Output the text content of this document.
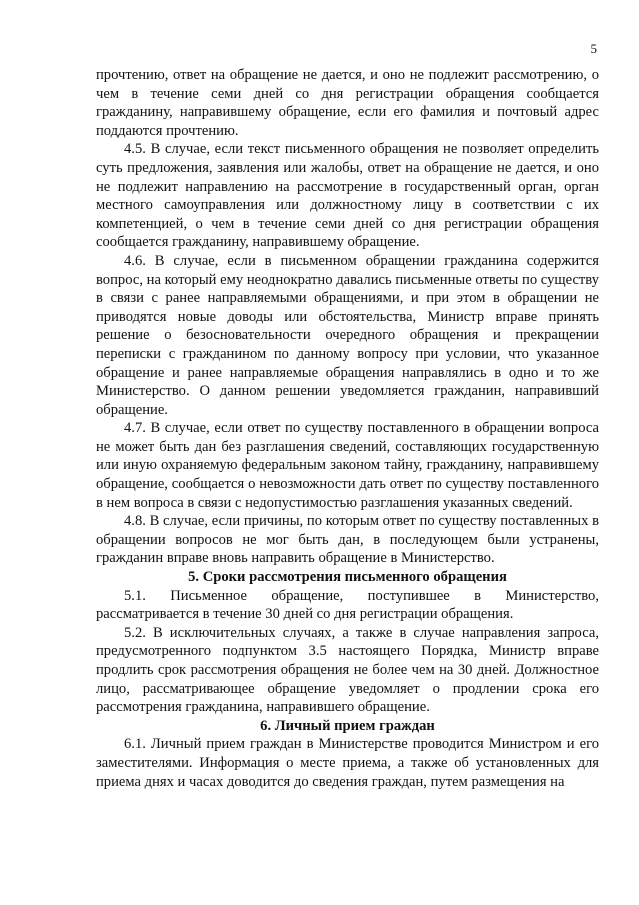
5

прочтению, ответ на обращение не дается, и оно не подлежит рассмотрению, о чем в течение семи дней со дня регистрации обращения сообщается гражданину, направившему обращение, если его фамилия и почтовый адрес поддаются прочтению.

4.5. В случае, если текст письменного обращения не позволяет определить суть предложения, заявления или жалобы, ответ на обращение не дается, и оно не подлежит направлению на рассмотрение в государственный орган, орган местного самоуправления или должностному лицу в соответствии с их компетенцией, о чем в течение семи дней со дня регистрации обращения сообщается гражданину, направившему обращение.

4.6. В случае, если в письменном обращении гражданина содержится вопрос, на который ему неоднократно давались письменные ответы по существу в связи с ранее направляемыми обращениями, и при этом в обращении не приводятся новые доводы или обстоятельства, Министр вправе принять решение о безосновательности очередного обращения и прекращении переписки с гражданином по данному вопросу при условии, что указанное обращение и ранее направляемые обращения направлялись в одно и то же Министерство. О данном решении уведомляется гражданин, направивший обращение.

4.7. В случае, если ответ по существу поставленного в обращении вопроса не может быть дан без разглашения сведений, составляющих государственную или иную охраняемую федеральным законом тайну, гражданину, направившему обращение, сообщается о невозможности дать ответ по существу поставленного в нем вопроса в связи с недопустимостью разглашения указанных сведений.

4.8. В случае, если причины, по которым ответ по существу поставленных в обращении вопросов не мог быть дан, в последующем были устранены, гражданин вправе вновь направить обращение в Министерство.

5. Сроки рассмотрения письменного обращения

5.1. Письменное обращение, поступившее в Министерство, рассматривается в течение 30 дней со дня регистрации обращения.

5.2. В исключительных случаях, а также в случае направления запроса, предусмотренного подпунктом 3.5 настоящего Порядка, Министр вправе продлить срок рассмотрения обращения не более чем на 30 дней. Должностное лицо, рассматривающее обращение уведомляет о продлении срока его рассмотрения гражданина, направившего обращение.

6. Личный прием граждан

6.1. Личный прием граждан в Министерстве проводится Министром и его заместителями. Информация о месте приема, а также об установленных для приема днях и часах доводится до сведения граждан, путем размещения на
